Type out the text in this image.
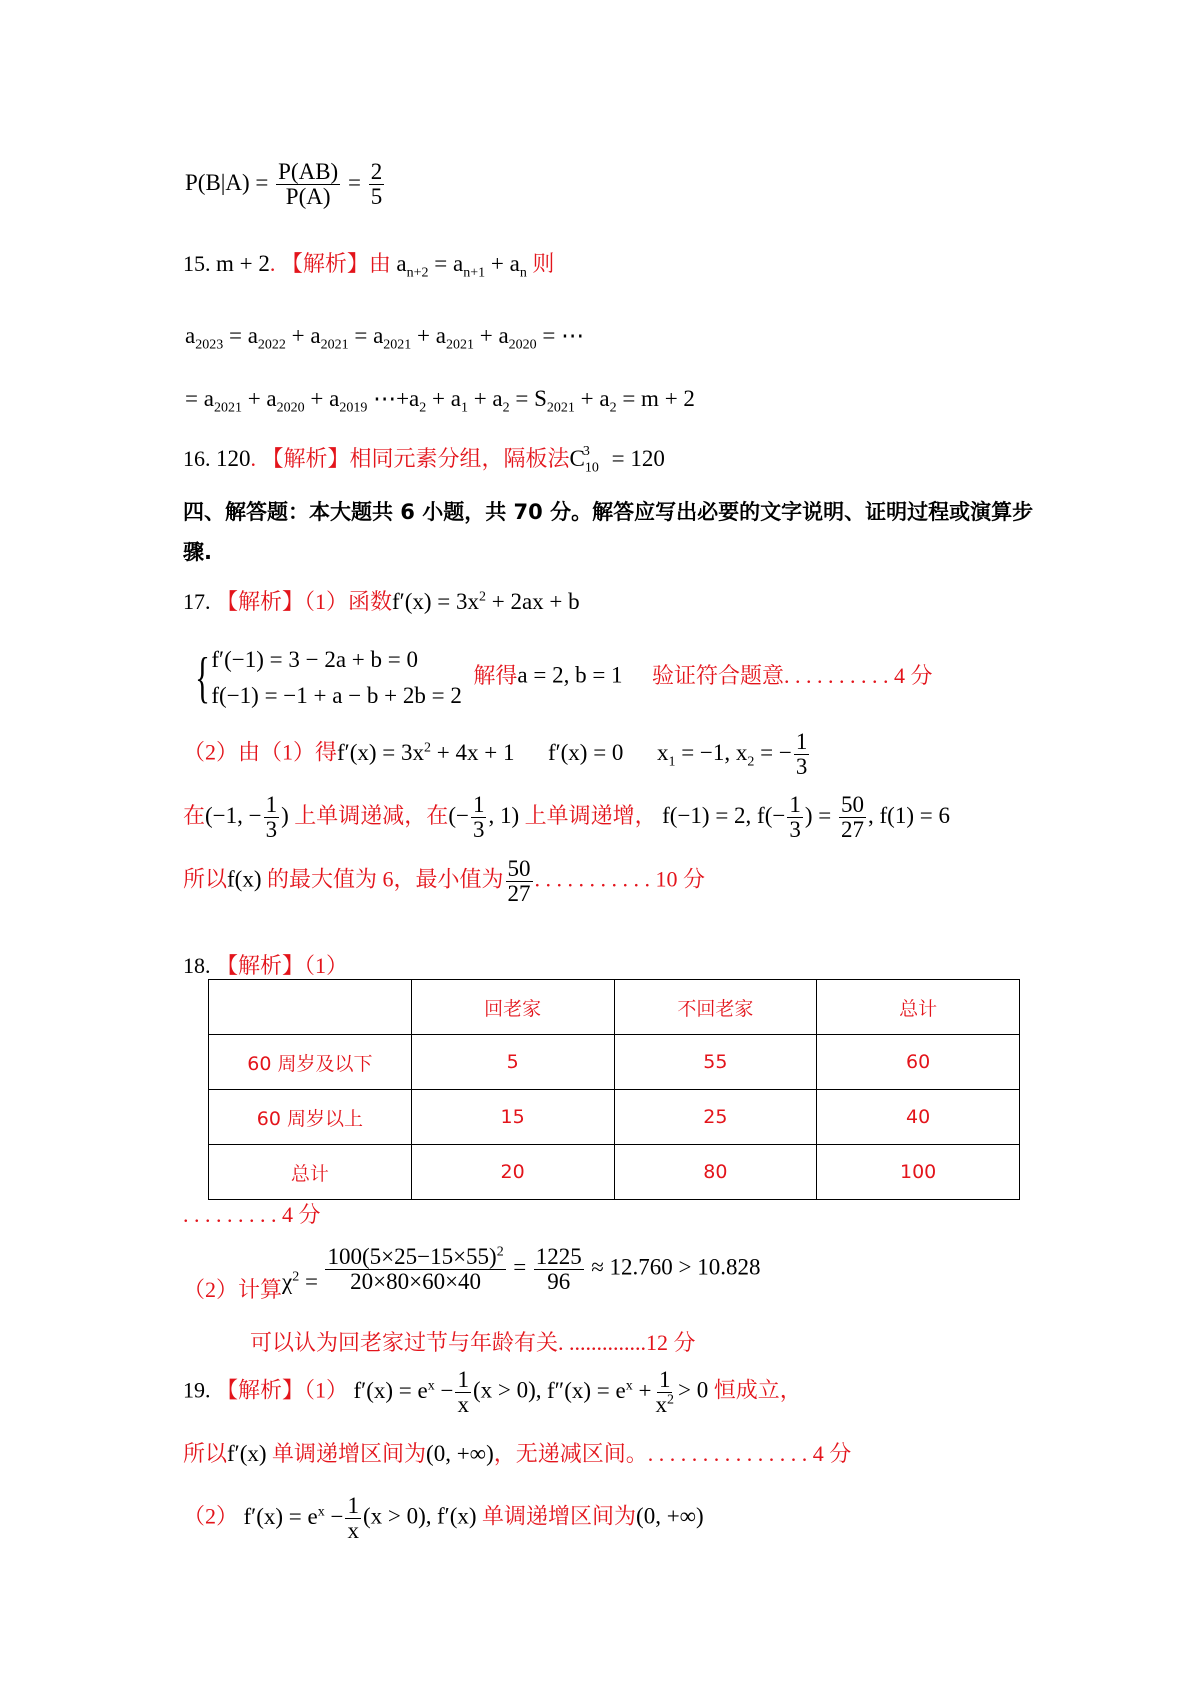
$P(B|A) = \frac{P(AB)}{P(A)} = \frac{2}{5}$
15. m + 2. 【解析】由 $a_{n+2} = a_{n+1} + a_n$ 则
$a_{2023} = a_{2022} + a_{2021} = a_{2021} + a_{2021} + a_{2020}$ = ⋯
= $a_{2021} + a_{2020} + a_{2019}$ $\cdots+a_2 + a_1 + a_2 = S_{2021} + a_2 = m + 2$
16. 120. 【解析】相同元素分组，隔板法$C_{10}^3 = 120$
四、解答题：本大题共 6 小题，共 70 分。解答应写出必要的文字说明、证明过程或演算步
骤.
17. 【解析】（1）函数$f'(x) = 3x^2 + 2ax + b$
{ f′(−1) = 3 − 2a + b = 0
f(−1) = −1 + a − b + 2b = 2
解得a = 2, b = 1 验证符合题意. . . . . . . . . . 4 分
（2）由（1）得$f'(x) = 3x^2 + 4x + 1$ f′(x) = 0 $x_1 = -1$, $x_2$ = − $\frac{1}{3}$
在(−1, − $\frac{1}{3}$ ) 上单调递减，在(− $\frac{1}{3}$ , 1) 上单调递增， f(−1) = 2, $f(- \frac{1}{3}$ ) = $\frac{50}{27}$ , f(1) = 6
所以f(x) 的最大值为 6，最小值为 $\frac{50}{27}$ . . . . . . . . . . . 10 分
18. 【解析】（1）
	回老家	不回老家	总计
60 周岁及以下	5	55	60
60 周岁以上	15	25	40
总计	20	80	100
. . . . . . . . . 4 分
（2）计算$\chi^2 = \frac{100(5\times 25-15\times 55)^2}{20\times 80\times 60\times 40} = \frac{1225}{96} \approx 12.760 > 10.828$
可以认为回老家过节与年龄有关. ..............12 分
19. 【解析】（1） $f'(x) = e^x - \frac{1}{x} (x > 0)$, $f''(x) = e^x + \frac{1}{x^2} > 0$ 恒成立，
所以f′(x) 单调递增区间为(0, +∞)，无递减区间。. . . . . . . . . . . . . . . 4 分
（2） $f'(x) = e^x - \frac{1}{x} (x > 0)$, f′(x) 单调递增区间为(0, +∞)
